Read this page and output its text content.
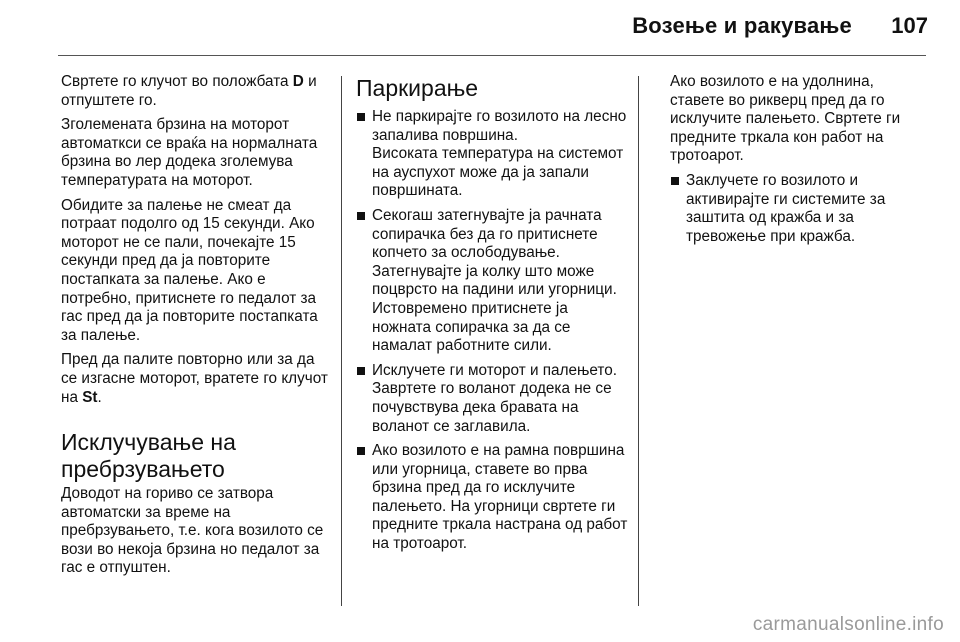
Возење и ракување 107

Свртете го клучот во положбата D и отпуштете го.

Зголемената брзина на моторот автоматкси се враќа на нормалната брзина во лер додека зголемува температурата на моторот.

Обидите за палење не смеат да потраат подолго од 15 секунди. Ако моторот не се пали, почекајте 15 секунди пред да ја повторите постапката за палење. Ако е потребно, притиснете го педалот за гас пред да ја повторите постапката за палење.

Пред да палите повторно или за да се изгасне моторот, вратете го клучот на St.

Исклучување на пребрзувањето

Доводот на гориво се затвора автоматски за време на пребрзувањето, т.е. кога возилото се вози во некоја брзина но педалот за гас е отпуштен.

Паркирање
Не паркирајте го возилото на лесно запалива површина.
Високата температура на системот на ауспухот може да ја запали површината.
Секогаш затегнувајте ја рачната сопирачка без да го притиснете копчето за ослободување.
Затегнувајте ја колку што може поцврсто на падини или угорници. Истовремено притиснете ја ножната сопирачка за да се намалат работните сили.
Исклучете ги моторот и палењето. Завртете го воланот додека не се почувствува дека бравата на воланот се заглавила.
Ако возилото е на рамна површина или угорница, ставете во прва брзина пред да го исклучите палењето. На угорници свртете ги предните тркала настрана од работ на тротоарот.

Ако возилото е на удолнина, ставете во рикверц пред да го исклучите палењето. Свртете ги предните тркала кон работ на тротоарот.

Заклучете го возилото и активирајте ги системите за заштита од кражба и за тревожење при кражба.
carmanualsonline.info
